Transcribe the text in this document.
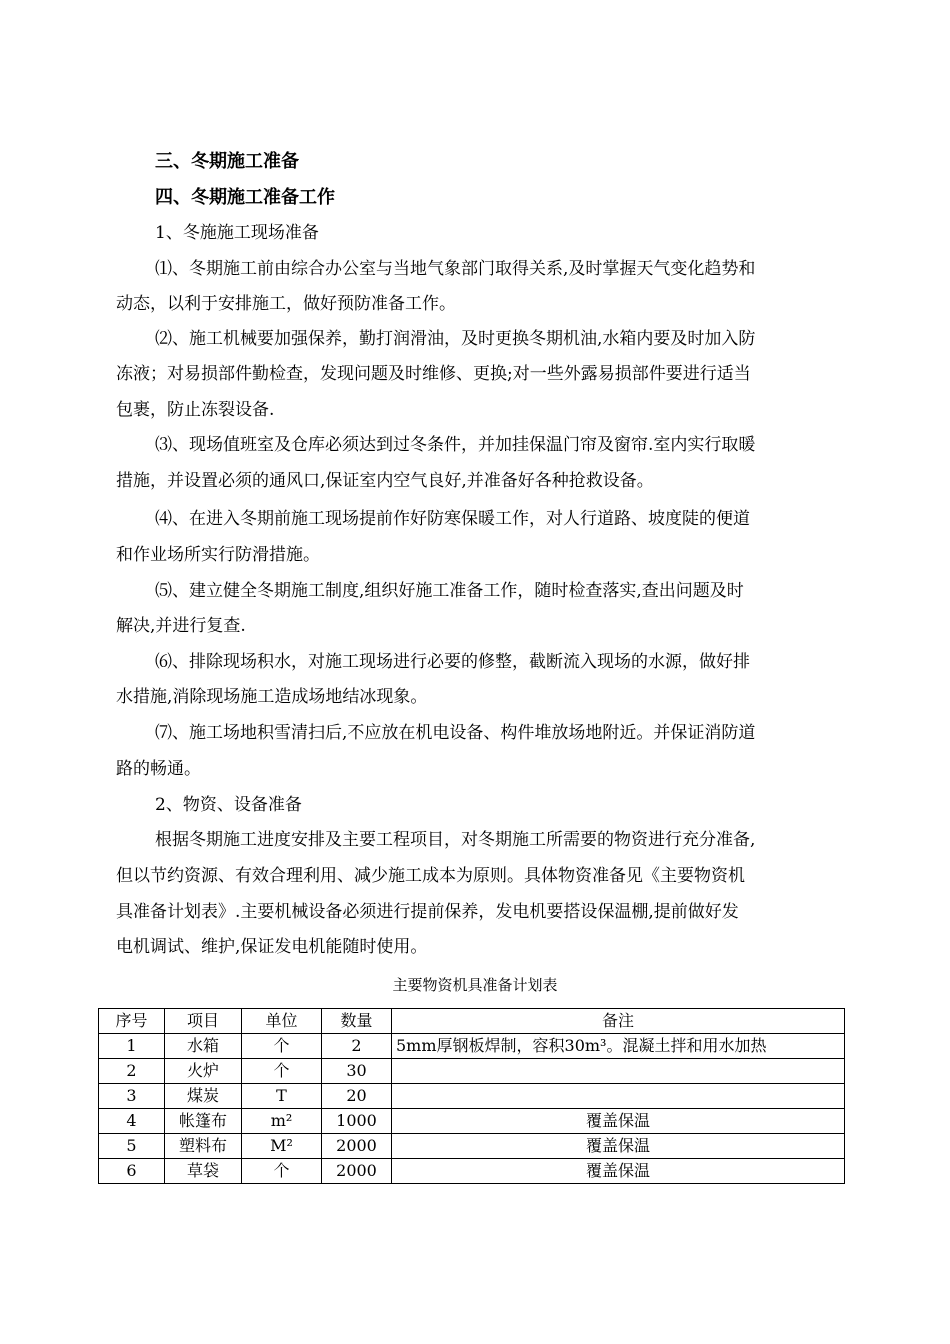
三、冬期施工准备
四、冬期施工准备工作
1、冬施施工现场准备
⑴、冬期施工前由综合办公室与当地气象部门取得关系,及时掌握天气变化趋势和
动态，以利于安排施工，做好预防准备工作。
⑵、施工机械要加强保养，勤打润滑油，及时更换冬期机油,水箱内要及时加入防
冻液；对易损部件勤检查，发现问题及时维修、更换;对一些外露易损部件要进行适当
包裹，防止冻裂设备.
⑶、现场值班室及仓库必须达到过冬条件，并加挂保温门帘及窗帘.室内实行取暖
措施，并设置必须的通风口,保证室内空气良好,并准备好各种抢救设备。
⑷、在进入冬期前施工现场提前作好防寒保暖工作，对人行道路、坡度陡的便道
和作业场所实行防滑措施。
⑸、建立健全冬期施工制度,组织好施工准备工作，随时检查落实,查出问题及时
解决,并进行复查.
⑹、排除现场积水，对施工现场进行必要的修整，截断流入现场的水源，做好排
水措施,消除现场施工造成场地结冰现象。
⑺、施工场地积雪清扫后,不应放在机电设备、构件堆放场地附近。并保证消防道
路的畅通。
2、物资、设备准备
根据冬期施工进度安排及主要工程项目，对冬期施工所需要的物资进行充分准备,
但以节约资源、有效合理利用、减少施工成本为原则。具体物资准备见《主要物资机
具准备计划表》.主要机械设备必须进行提前保养，发电机要搭设保温棚,提前做好发
电机调试、维护,保证发电机能随时使用。
主要物资机具准备计划表
序号	项目	单位	数量	备注
1	水箱	个	2	5mm厚钢板焊制，容积30m³。混凝土拌和用水加热
2	火炉	个	30	
3	煤炭	T	20	
4	帐篷布	m²	1000	覆盖保温
5	塑料布	M²	2000	覆盖保温
6	草袋	个	2000	覆盖保温
